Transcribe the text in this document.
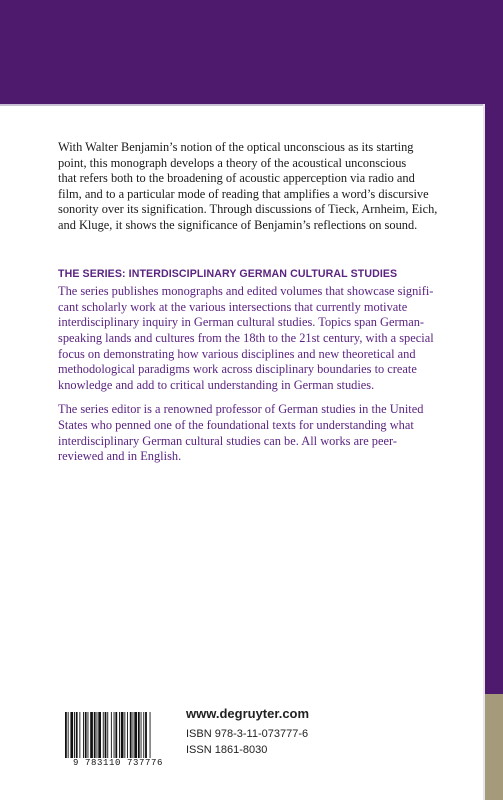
With Walter Benjamin’s notion of the optical unconscious as its starting

point, this monograph develops a theory of the acoustical unconscious

that refers both to the broadening of acoustic apperception via radio and

film, and to a particular mode of reading that amplifies a word’s discursive

sonority over its signification. Through discussions of Tieck, Arnheim, Eich,

and Kluge, it shows the significance of Benjamin’s reflections on sound.

THE SERIES: INTERDISCIPLINARY GERMAN CULTURAL STUDIES
The series publishes monographs and edited volumes that showcase signifi-
cant scholarly work at the various intersections that currently motivate
interdisciplinary inquiry in German cultural studies. Topics span German-
speaking lands and cultures from the 18th to the 21st century, with a special
focus on demonstrating how various disciplines and new theoretical and
methodological paradigms work across disciplinary boundaries to create
knowledge and add to critical understanding in German studies.
The series editor is a renowned professor of German studies in the United
States who penned one of the foundational texts for understanding what
interdisciplinary German cultural studies can be. All works are peer-
reviewed and in English.
9 783110 737776
www.degruyter.com
ISBN 978-3-11-073777-6
ISSN 1861-8030
